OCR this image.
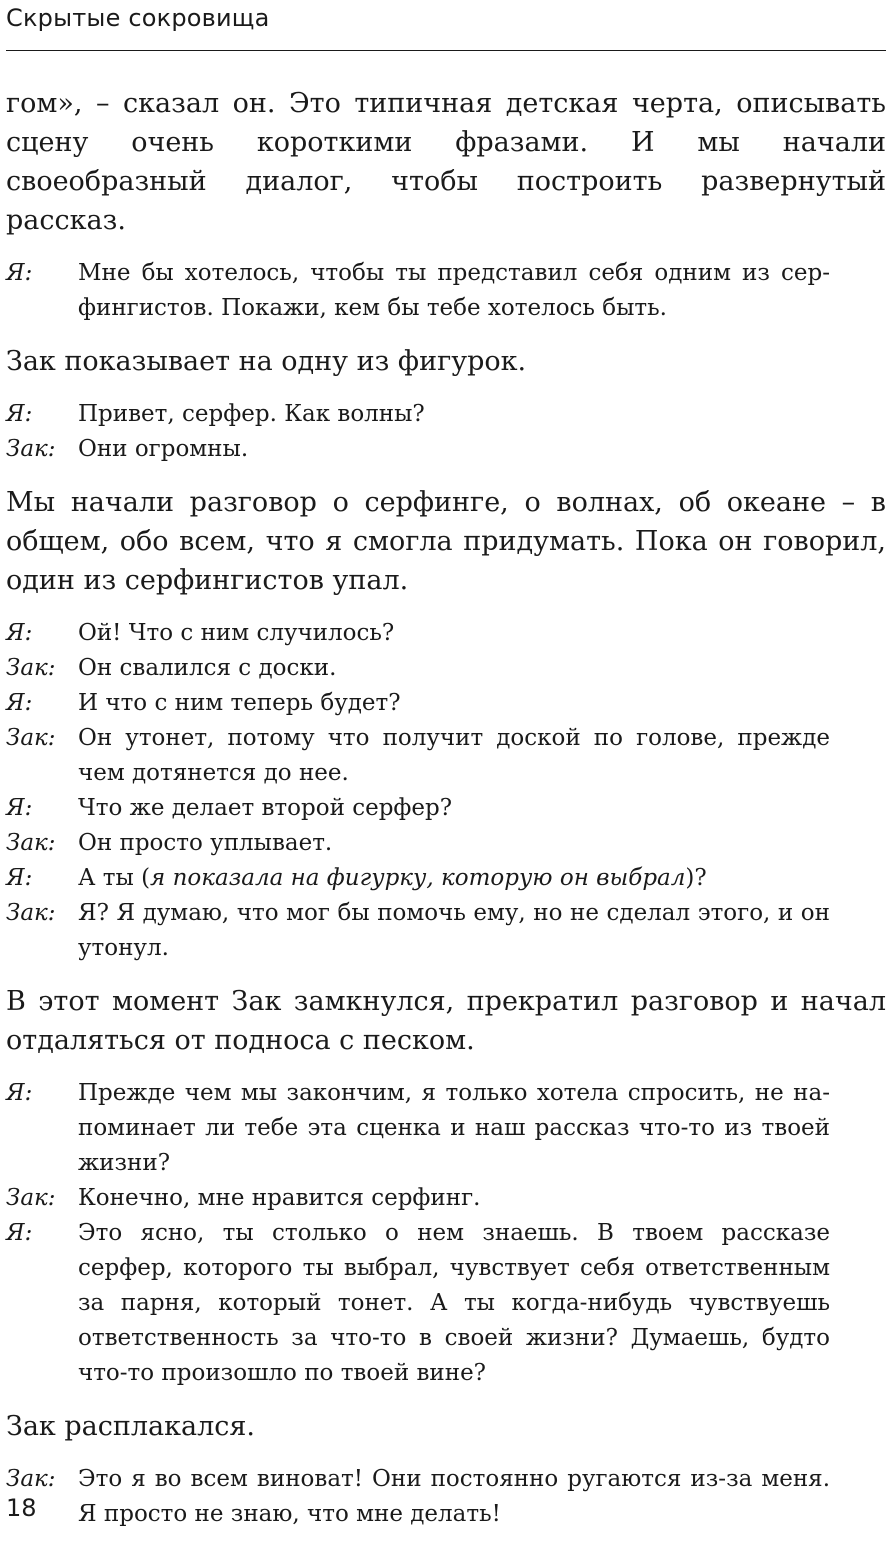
Скрытые сокровища

гом», – сказал он. Это типичная детская черта, описывать сцену очень короткими фразами. И мы начали своеобразный диалог, чтобы построить развернутый рассказ.

Я:	Мне бы хотелось, чтобы ты представил себя одним из серфингистов. Покажи, кем бы тебе хотелось быть.

Зак показывает на одну из фигурок.

Я:	Привет, серфер. Как волны?
Зак: Они огромны.

Мы начали разговор о серфинге, о волнах, об океане – в общем, обо всем, что я смогла придумать. Пока он говорил, один из серфингистов упал.

Я:	Ой! Что с ним случилось?
Зак: Он свалился с доски.
Я:	И что с ним теперь будет?
Зак: Он утонет, потому что получит доской по голове, прежде чем дотянется до нее.
Я:	Что же делает второй серфер?
Зак: Он просто уплывает.
Я:	А ты (я показала на фигурку, которую он выбрал)?
Зак: Я? Я думаю, что мог бы помочь ему, но не сделал этого, и он утонул.

В этот момент Зак замкнулся, прекратил разговор и начал отдаляться от подноса с песком.

Я:	Прежде чем мы закончим, я только хотела спросить, не напоминает ли тебе эта сценка и наш рассказ что-то из твоей жизни?
Зак: Конечно, мне нравится серфинг.
Я:	Это ясно, ты столько о нем знаешь. В твоем рассказе серфер, которого ты выбрал, чувствует себя ответственным за парня, который тонет. А ты когда-нибудь чувствуешь ответственность за что-то в своей жизни? Думаешь, будто что-то произошло по твоей вине?

Зак расплакался.

Зак: Это я во всем виноват! Они постоянно ругаются из-за меня. Я просто не знаю, что мне делать!
18
